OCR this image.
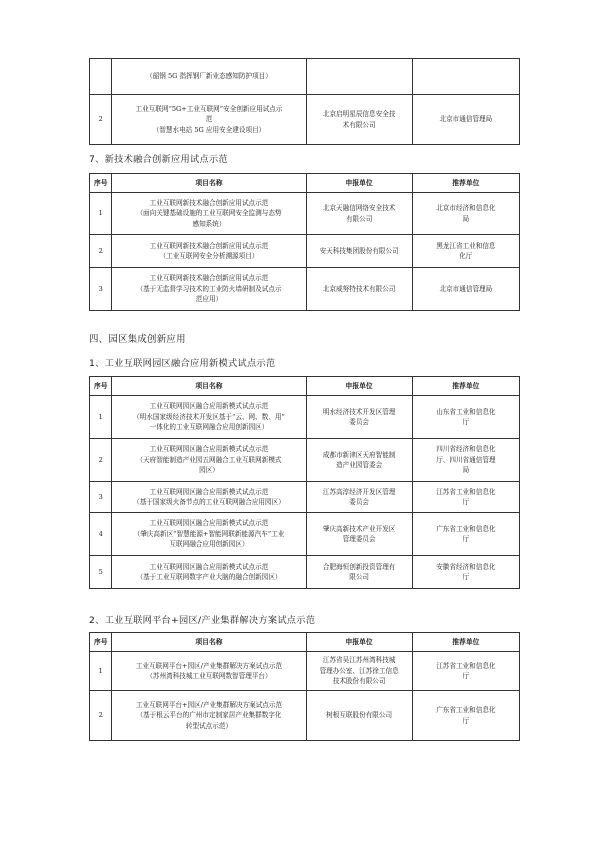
	（韶钢 5G 指挥钢厂新业态感知防护项目）		

2	工业互联网“5G+工业互联网”安全创新应用试点示
范
（智慧水电站 5G 应用安全建设项目）	北京启明星辰信息安全技
术有限公司	北京市通信管理局
7、新技术融合创新应用试点示范
序号	项目名称	申报单位	推荐单位
1	工业互联网新技术融合创新应用试点示范
（面向关键基础设施的工业互联网安全监测与态势
感知系统）	北京天融信网络安全技术
有限公司	北京市经济和信息化
局

2	工业互联网新技术融合创新应用试点示范
（工业互联网安全分析溯源项目）	安天科技集团股份有限公司	黑龙江省工业和信息
化厅

3	工业互联网新技术融合创新应用试点示范
（基于无监督学习技术的工业防火墙研制及试点示
范应用）	北京威努特技术有限公司	北京市通信管理局
四、园区集成创新应用
1、工业互联网园区融合应用新模式试点示范
序号	项目名称	申报单位	推荐单位
1	工业互联网园区融合应用新模式试点示范
（明水国家级经济技术开发区基于“云、网、数、用”
一体化的工业互联网融合应用创新园区）	明水经济技术开发区管理
委员会	山东省工业和信息化
厅

2	工业互联网园区融合应用新模式试点示范
（天府智能制造产业园五网融合工业互联网新模式
园区）	成都市新津区天府智能制
造产业园管委会	四川省经济和信息化
厅、四川省通信管理
局

3	工业互联网园区融合应用新模式试点示范
（基于国家级火备节点的工业互联网融合应用园区）	江苏高淳经济开发区管理
委员会	江苏省工业和信息化
厅

4	工业互联网园区融合应用新模式试点示范
（肇庆高新区“智慧能源+智能网联新能源汽车”工业
互联网融合应用创新园区）	肇庆高新技术产业开发区
管理委员会	广东省工业和信息化
厅

5	工业互联网园区融合应用新模式试点示范
（基于工业互联网数字产业大脑的融合创新园区）	合肥海恒创新投资管理有
限公司	安徽省经济和信息化
厅
2、工业互联网平台+园区/产业集群解决方案试点示范
序号	项目名称	申报单位	推荐单位
1	工业互联网平台+园区/产业集群解决方案试点示范
（苏州湾科技城工业互联网数智管理平台）	江苏省吴江苏州湾科技城
管理办公室、江苏徐工信息
技术股份有限公司	江苏省工业和信息化
厅

2	工业互联网平台+园区/产业集群解决方案试点示范
（基于根云平台的广州市定制家居产业集群数字化
转型试点示范）	树根互联股份有限公司	广东省工业和信息化
厅
